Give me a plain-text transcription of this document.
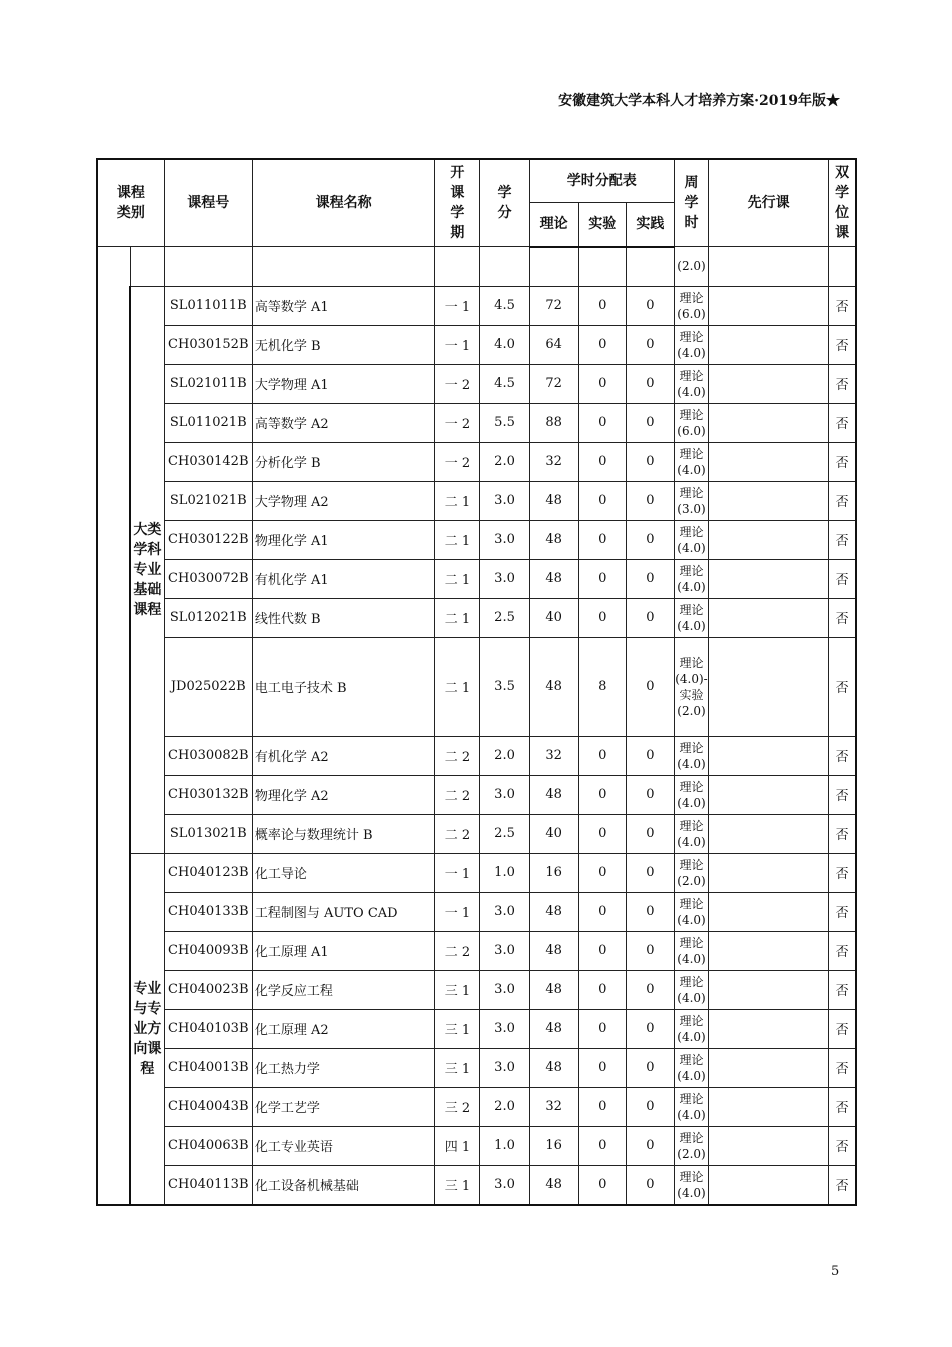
安徽建筑大学本科人才培养方案·2019年版★
课程类别		课程号	课程名称	开课学期	学分	学时分配表			周学时	先行课	双学位课
						理论	实验	实践			
									(2.0)		
	大类学科专业基础课程	SL011011B	高等数学 A1	一 1	4.5	72	0	0	理论(6.0)		否
		CH030152B	无机化学 B	一 1	4.0	64	0	0	理论(4.0)		否
		SL021011B	大学物理 A1	一 2	4.5	72	0	0	理论(4.0)		否
		SL011021B	高等数学 A2	一 2	5.5	88	0	0	理论(6.0)		否
		CH030142B	分析化学 B	一 2	2.0	32	0	0	理论(4.0)		否
		SL021021B	大学物理 A2	二 1	3.0	48	0	0	理论(3.0)		否
		CH030122B	物理化学 A1	二 1	3.0	48	0	0	理论(4.0)		否
		CH030072B	有机化学 A1	二 1	3.0	48	0	0	理论(4.0)		否
		SL012021B	线性代数 B	二 1	2.5	40	0	0	理论(4.0)		否
		JD025022B	电工电子技术 B	二 1	3.5	48	8	0	理论(4.0)-实验(2.0)		否
		CH030082B	有机化学 A2	二 2	2.0	32	0	0	理论(4.0)		否
		CH030132B	物理化学 A2	二 2	3.0	48	0	0	理论(4.0)		否
		SL013021B	概率论与数理统计 B	二 2	2.5	40	0	0	理论(4.0)		否
	专业与专业方向课程	CH040123B	化工导论	一 1	1.0	16	0	0	理论(2.0)		否
		CH040133B	工程制图与 AUTO CAD	一 1	3.0	48	0	0	理论(4.0)		否
		CH040093B	化工原理 A1	二 2	3.0	48	0	0	理论(4.0)		否
		CH040023B	化学反应工程	三 1	3.0	48	0	0	理论(4.0)		否
		CH040103B	化工原理 A2	三 1	3.0	48	0	0	理论(4.0)		否
		CH040013B	化工热力学	三 1	3.0	48	0	0	理论(4.0)		否
		CH040043B	化学工艺学	三 2	2.0	32	0	0	理论(4.0)		否
		CH040063B	化工专业英语	四 1	1.0	16	0	0	理论(2.0)		否
		CH040113B	化工设备机械基础	三 1	3.0	48	0	0	理论(4.0)		否
5
